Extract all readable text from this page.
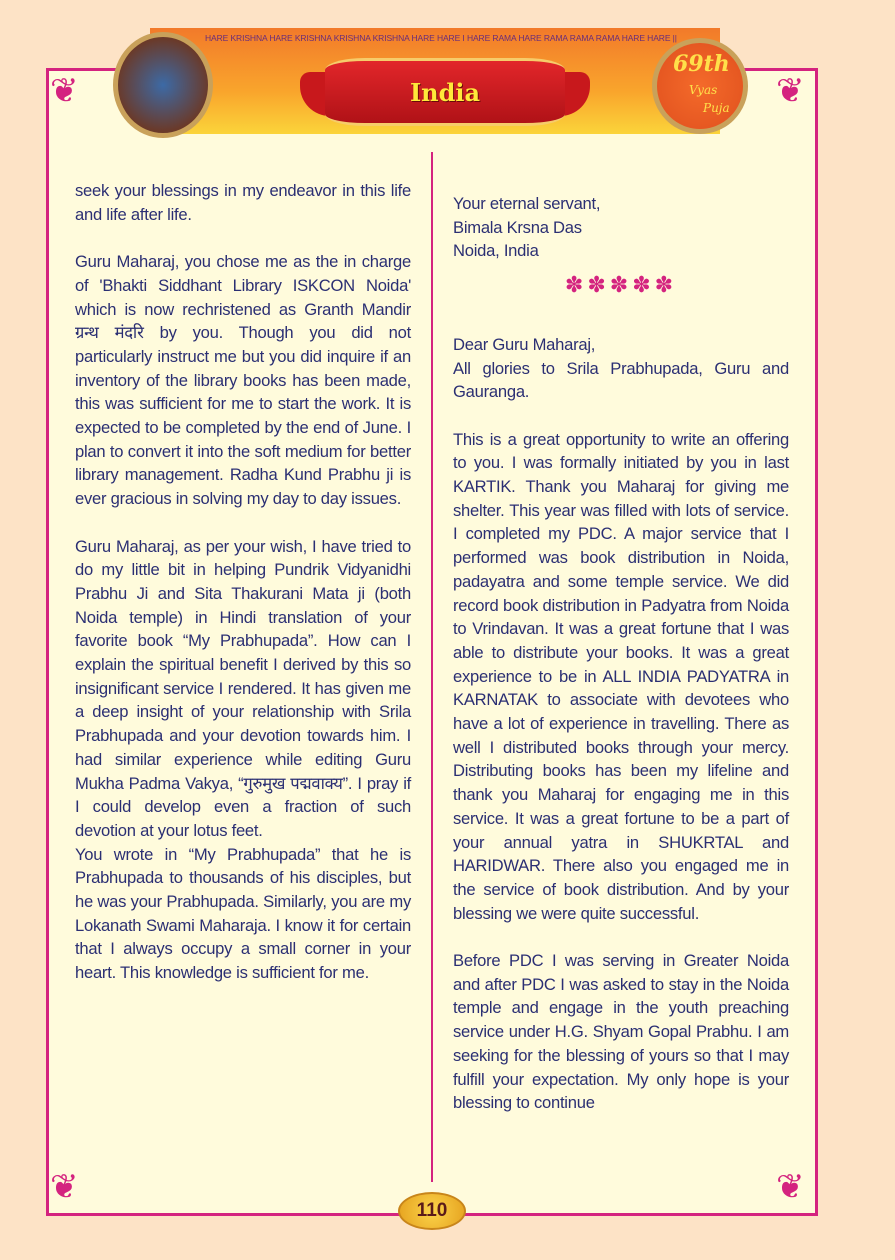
❦	❦
❦	❦
HARE KRISHNA HARE KRISHNA KRISHNA KRISHNA HARE HARE I HARE RAMA HARE RAMA RAMA RAMA HARE HARE ||
India
69th
Vyas
Puja

seek your blessings in my endeavor in this life and life after life.

Guru Maharaj, you chose me as the in charge of 'Bhakti Siddhant Library ISKCON Noida' which is now rechristened as Granth Mandir ग्रन्थ मंदरि by you. Though you did not particularly instruct me but you did inquire if an inventory of the library books has been made, this was sufficient for me to start the work. It is expected to be completed by the end of June. I plan to convert it into the soft medium for better library management. Radha Kund Prabhu ji is ever gracious in solving my day to day issues.

Guru Maharaj, as per your wish, I have tried to do my little bit in helping Pundrik Vidyanidhi Prabhu Ji and Sita Thakurani Mata ji (both Noida temple) in Hindi translation of your favorite book “My Prabhupada”. How can I explain the spiritual benefit I derived by this so insignificant service I rendered. It has given me a deep insight of your relationship with Srila Prabhupada and your devotion towards him. I had similar experience while editing Guru Mukha Padma Vakya, “गुरुमुख पद्मवाक्य”. I pray if I could develop even a fraction of such devotion at your lotus feet.

You wrote in “My Prabhupada” that he is Prabhupada to thousands of his disciples, but he was your Prabhupada. Similarly, you are my Lokanath Swami Maharaja. I know it for certain that I always occupy a small corner in your heart. This knowledge is sufficient for me.

Your eternal servant,
Bimala Krsna Das
Noida, India
✽✽✽✽✽
Dear Guru Maharaj,

All glories to Srila Prabhupada, Guru and Gauranga.

This is a great opportunity to write an offering to you. I was formally initiated by you in last KARTIK. Thank you Maharaj for giving me shelter. This year was filled with lots of service. I completed my PDC. A major service that I performed was book distribution in Noida, padayatra and some temple service. We did record book distribution in Padyatra from Noida to Vrindavan. It was a great fortune that I was able to distribute your books. It was a great experience to be in ALL INDIA PADYATRA in KARNATAK to associate with devotees who have a lot of experience in travelling. There as well I distributed books through your mercy. Distributing books has been my lifeline and thank you Maharaj for engaging me in this service. It was a great fortune to be a part of your annual yatra in SHUKRTAL and HARIDWAR. There also you engaged me in the service of book distribution. And by your blessing we were quite successful.

Before PDC I was serving in Greater Noida and after PDC I was asked to stay in the Noida temple and engage in the youth preaching service under H.G. Shyam Gopal Prabhu. I am seeking for the blessing of yours so that I may fulfill your expectation. My only hope is your blessing to continue

110
